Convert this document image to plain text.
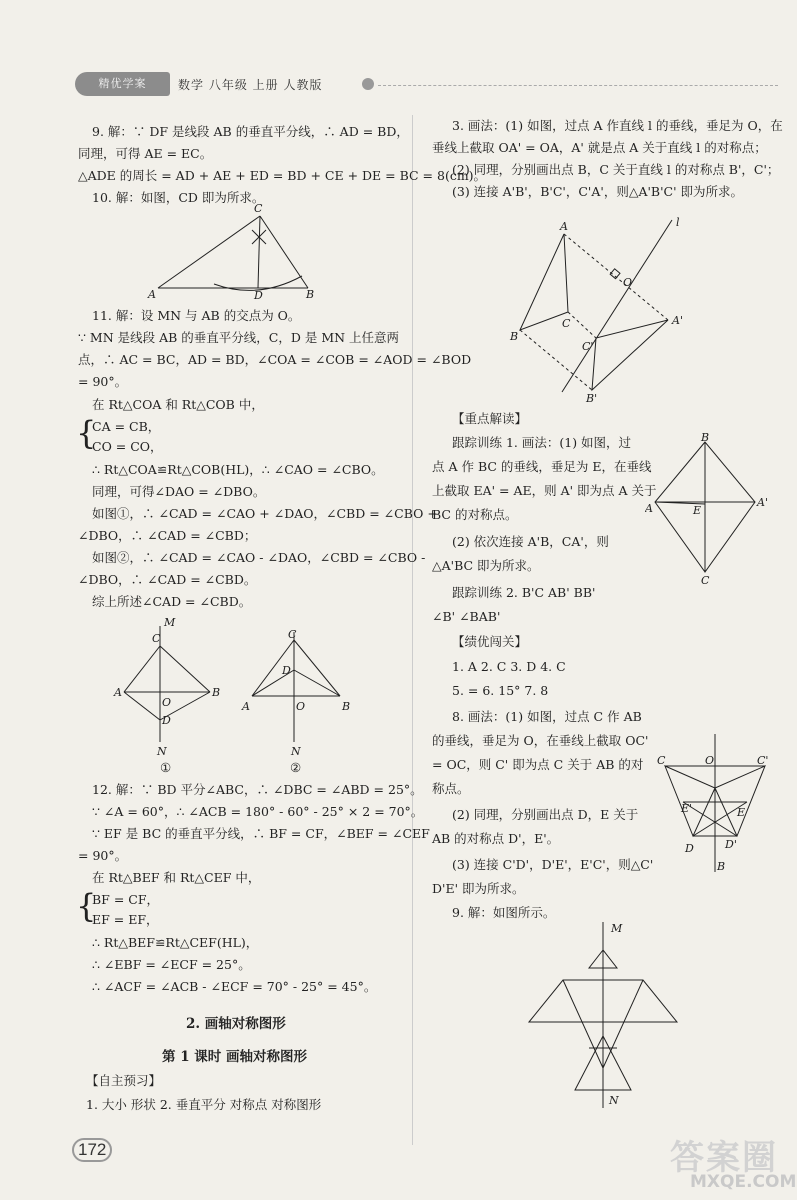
精优学案	数学 八年级 上册 人教版
9. 解：∵ DF 是线段 AB 的垂直平分线，∴ AD = BD，
同理，可得 AE = EC。
△ADE 的周长 = AD + AE + ED = BD + CE + DE = BC = 8(cm)。
10. 解：如图，CD 即为所求。
A	D	B
C
11. 解：设 MN 与 AB 的交点为 O。
∵ MN 是线段 AB 的垂直平分线，C，D 是 MN 上任意两
点，∴ AC = BC，AD = BD，∠COA = ∠COB = ∠AOD = ∠BOD
= 90°。
在 Rt△COA 和 Rt△COB 中，
{
CA = CB，
CO = CO，
∴ Rt△COA≌Rt△COB(HL)，∴ ∠CAO = ∠CBO。
同理，可得∠DAO = ∠DBO。
如图①，∴ ∠CAD = ∠CAO + ∠DAO，∠CBD = ∠CBO +
∠DBO，∴ ∠CAD = ∠CBD；
如图②，∴ ∠CAD = ∠CAO - ∠DAO，∠CBD = ∠CBO -
∠DBO，∴ ∠CAD = ∠CBD。
综上所述∠CAD = ∠CBD。
M
C
A	B
O
D
N
C
D
A	B
O
N
①	②
12. 解：∵ BD 平分∠ABC，∴ ∠DBC = ∠ABD = 25°。
∵ ∠A = 60°，∴ ∠ACB = 180° - 60° - 25° × 2 = 70°。
∵ EF 是 BC 的垂直平分线，∴ BF = CF，∠BEF = ∠CEF
= 90°。
在 Rt△BEF 和 Rt△CEF 中，
{
BF = CF，
EF = EF，
∴ Rt△BEF≌Rt△CEF(HL)，
∴ ∠EBF = ∠ECF = 25°。
∴ ∠ACF = ∠ACB - ∠ECF = 70° - 25° = 45°。
2. 画轴对称图形
第 1 课时 画轴对称图形
【自主预习】
1. 大小 形状 2. 垂直平分 对称点 对称图形
3. 画法：(1) 如图，过点 A 作直线 l 的垂线，垂足为 O，在
垂线上截取 OA' = OA，A' 就是点 A 关于直线 l 的对称点；
(2) 同理，分别画出点 B，C 关于直线 l 的对称点 B'，C'；
(3) 连接 A'B'，B'C'，C'A'，则△A'B'C' 即为所求。
l
A
O
B
C
C'
A'
B'
【重点解读】
跟踪训练 1. 画法：(1) 如图，过
点 A 作 BC 的垂线，垂足为 E，在垂线
上截取 EA' = AE，则 A' 即为点 A 关于
BC 的对称点。
(2) 依次连接 A'B，CA'，则
△A'BC 即为所求。
B
A	E
A'
C
跟踪训练 2. B'C AB' BB'
∠B' ∠BAB'
【绩优闯关】
1. A 2. C 3. D 4. C
5. = 6. 15° 7. 8
8. 画法：(1) 如图，过点 C 作 AB
的垂线，垂足为 O，在垂线上截取 OC'
= OC，则 C' 即为点 C 关于 AB 的对
称点。
(2) 同理，分别画出点 D，E 关于
AB 的对称点 D'，E'。
(3) 连接 C'D'，D'E'，E'C'，则△C'
D'E' 即为所求。
9. 解：如图所示。
C	O	C'
E'	E
D	D'
B
M
N
172	答案圈
MXQE.COM
